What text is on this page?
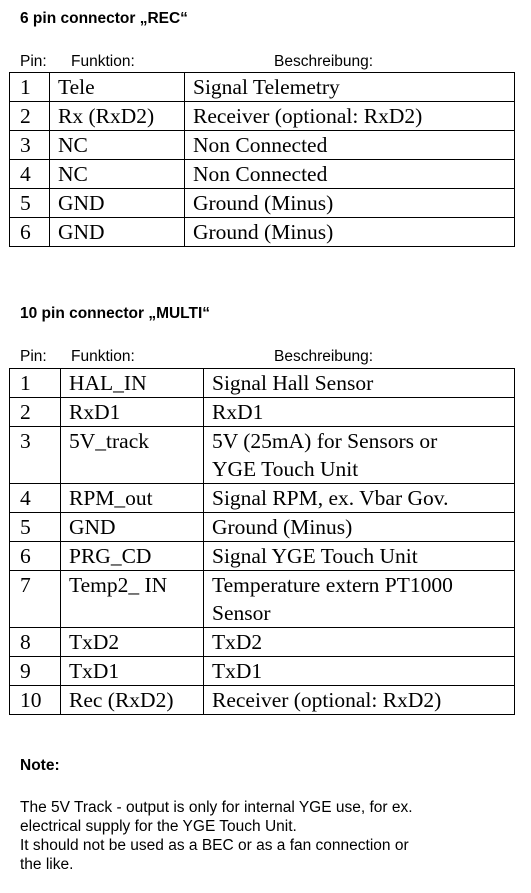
6 pin connector „REC“
Pin: Funktion:	Beschreibung:
1	Tele	Signal Telemetry

2	Rx (RxD2)	Receiver (optional: RxD2)

3	NC	Non Connected

4	NC	Non Connected

5	GND	Ground (Minus)

6	GND	Ground (Minus)
10 pin connector „MULTI“
Pin: Funktion:	Beschreibung:
1	HAL_IN	Signal Hall Sensor

2	RxD1	RxD1

3	5V_track	5V (25mA) for Sensors or
YGE Touch Unit

4	RPM_out	Signal RPM, ex. Vbar Gov.

5	GND	Ground (Minus)

6	PRG_CD	Signal YGE Touch Unit

7	Temp2_ IN	Temperature extern PT1000
Sensor

8	TxD2	TxD2

9	TxD1	TxD1

10	Rec (RxD2)	Receiver (optional: RxD2)
Note:

The 5V Track - output is only for internal YGE use, for ex.

electrical supply for the YGE Touch Unit.

It should not be used as a BEC or as a fan connection or

the like.
